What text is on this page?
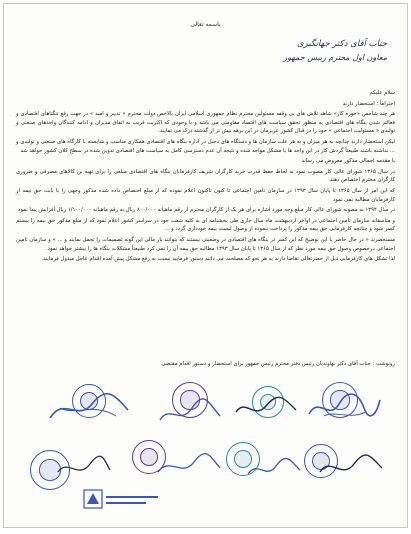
باسمه تعالی
جناب آقای دکتر جهانگیری
معاون اول محترم رییس جمهور

سلام علیکم

احتراماً ؛ استحضار دارند

هر چند شاخص «حوزه کار» شاهد تلاش های بی وقفه مسئولین محترم نظام جمهوری اسلامی ایران بالاخص دولت محترم « تدبیر و امید » در جهت رفع تنگناهای اقتصادی و فعالتر شدن بنگاه های اقتصادی به منظور تحقق سیاست های اقتصاد مقاومتی می باشد و با وجودی که اکثریت قریب به اتفاق مدیران و ادامه کنندگان واحدهای صنعتی و تولیدی « مسئولیت اجتماعی » خود را در قبال کشور عزیزمان در این برهه بیش تر از گذشته درک می نمایند.

لیکن استحضار دارند چنانچه به هر میزان و به هر علت سازمان ها و دستگاه های دخیل در اداره بنگاه های اقتصادی همکاری مناسب و شایسته با کارگاه های صنعتی و تولیدی و ... نداشته باشند طبیعتاً گردش کار در این واحد ها با مشکل مواجه شده و نتیجه آن عدم دسترسی کامل به سیاست های اقتصادی تدوین شده در سطح کلان کشور خواهد شد

با مقدمه اجمالی مذکور معروض می رساند

در سال ۱۳۶۵ شورای عالی کار مصوب نمود به لحاظ حفظ قدرت خرید کارگران شریف کارفرمایان بنگاه های اقتصادی مبلغی را برای تهیه بن کالاهای مصرفی و ضروری کارگران محترم اختصاص دهند.

که این امر از سال ۱۳۶۵ تا پایان سال ۱۳۹۳ در سازمان تامین اجتماعی تا کنون تاکنون اعلام نموده که از مبلغ اختصاص داده شده مذکور وجهی را با بابت حق بیمه از کارفرمایان مطالبه نمی نمود

در سال ۱۳۹۴ به مصوبه شورای عالی کار مبلغ وجه مورد اشاره برای هر یک از کارگران محترم از رقم ماهیانه ۸۰۰/۰۰۰ ریال به رقم ماهیانه ۱/۱۰۰/۰۰۰ ریال افزایش پیدا نمود

و متاسفانه سازمان تامین اجتماعی در اواخر اردیبهشت ماه سال جاری طی بخشنامه ای به کلیه شعب خود در سراسر کشور اعلام نمود که از مبلغ مذکور حق بیمه را بیستم کسر شود و چنانچه کارفرمایی حق بیمه مذکور را پرداخت ننموده از وصول لیست بیمه خودداری گردد و ...

مستحضرند « در حال حاضر با این توضیح که این کسر در بنگاه های اقتصادی در وضعیتی نیستند که بتوانند بار مالی این گونه تصمیمات را تحمل نمایند و ... » و سازمان تامین اجتماعی درخصوص وصول حق بیمه مورد نظر که از سال ۱۳۶۵ تا پایان سال ۱۳۹۳ مطالبه حق بیمه آن را نمی کرد طبیعتاً مشکلات بنگاه ها را بیشتر خواهد نمود.

لذا تشکل های کارفرمایی ذیل از حضرتعالی تقاضا دارند به هر نحو که مصلحت می دانند دستور فرمایید نسبت به رفع مشکل پیش آمده اقدام عاجل مبذول فرمایند.

رونوشت : جناب آقای دکتر نهاوندیان رئیس دفتر محترم رئیس جمهور برای استحضار و دستور اقدام مقتضی
